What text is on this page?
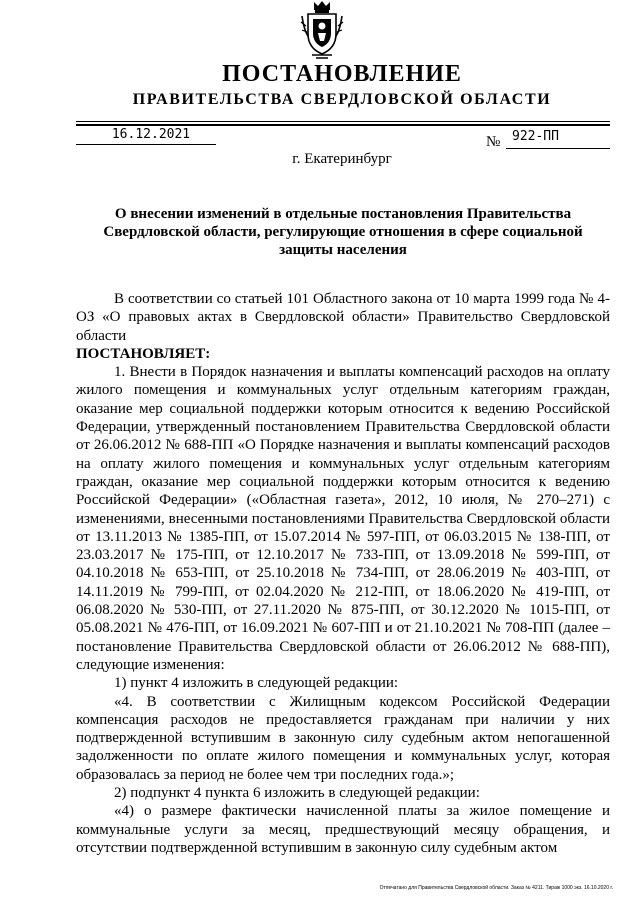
ПОСТАНОВЛЕНИЕ
ПРАВИТЕЛЬСТВА СВЕРДЛОВСКОЙ ОБЛАСТИ
16.12.2021	№ 922-ПП
г. Екатеринбург
О внесении изменений в отдельные постановления Правительства Свердловской области, регулирующие отношения в сфере социальной защиты населения

В соответствии со статьей 101 Областного закона от 10 марта 1999 года № 4-ОЗ «О правовых актах в Свердловской области» Правительство Свердловской области

ПОСТАНОВЛЯЕТ:

1. Внести в Порядок назначения и выплаты компенсаций расходов на оплату жилого помещения и коммунальных услуг отдельным категориям граждан, оказание мер социальной поддержки которым относится к ведению Российской Федерации, утвержденный постановлением Правительства Свердловской области от 26.06.2012 № 688-ПП «О Порядке назначения и выплаты компенсаций расходов на оплату жилого помещения и коммунальных услуг отдельным категориям граждан, оказание мер социальной поддержки которым относится к ведению Российской Федерации» («Областная газета», 2012, 10 июля, № 270–271) с изменениями, внесенными постановлениями Правительства Свердловской области от 13.11.2013 № 1385-ПП, от 15.07.2014 № 597-ПП, от 06.03.2015 № 138-ПП, от 23.03.2017 № 175-ПП, от 12.10.2017 № 733-ПП, от 13.09.2018 № 599-ПП, от 04.10.2018 № 653-ПП, от 25.10.2018 № 734-ПП, от 28.06.2019 № 403-ПП, от 14.11.2019 № 799-ПП, от 02.04.2020 № 212-ПП, от 18.06.2020 № 419-ПП, от 06.08.2020 № 530-ПП, от 27.11.2020 № 875-ПП, от 30.12.2020 № 1015-ПП, от 05.08.2021 № 476-ПП, от 16.09.2021 № 607-ПП и от 21.10.2021 № 708-ПП (далее – постановление Правительства Свердловской области от 26.06.2012 № 688-ПП), следующие изменения:

1) пункт 4 изложить в следующей редакции:

«4. В соответствии с Жилищным кодексом Российской Федерации компенсация расходов не предоставляется гражданам при наличии у них подтвержденной вступившим в законную силу судебным актом непогашенной задолженности по оплате жилого помещения и коммунальных услуг, которая образовалась за период не более чем три последних года.»;

2) подпункт 4 пункта 6 изложить в следующей редакции:

«4) о размере фактически начисленной платы за жилое помещение и коммунальные услуги за месяц, предшествующий месяцу обращения, и отсутствии подтвержденной вступившим в законную силу судебным актом

Отпечатано для Правительства Свердловской области. Заказ № 4211. Тираж 1000 экз. 16.10.2020 г.
